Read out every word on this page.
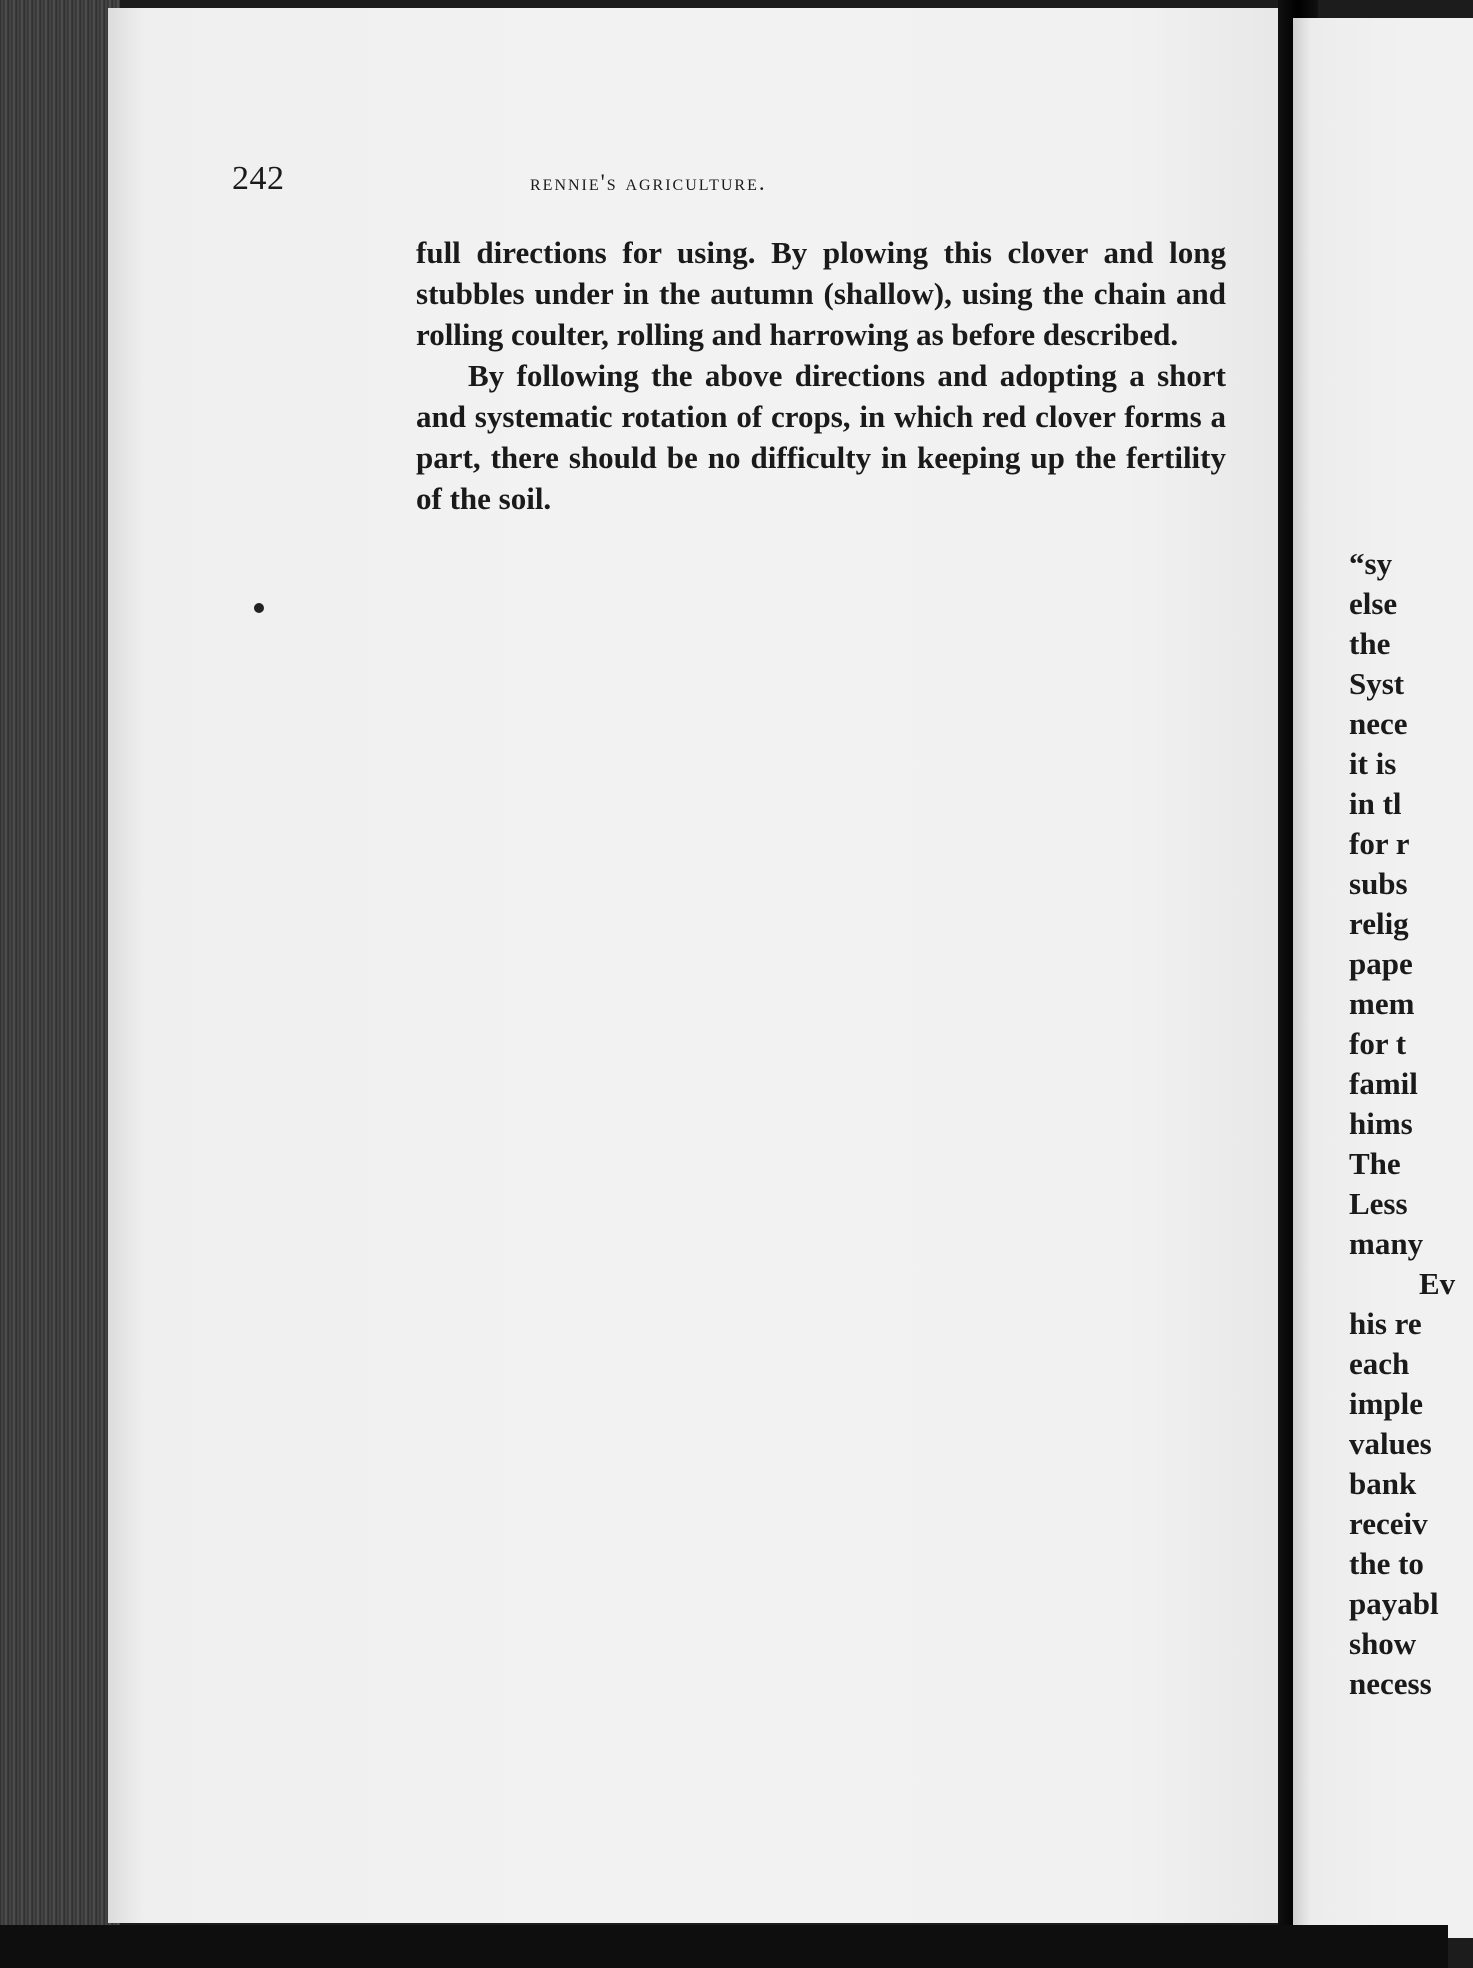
242	rennie's agriculture.

full directions for using. By plowing this clover and long stubbles under in the autumn (shallow), using the chain and rolling coulter, rolling and harrowing as before described.

By following the above directions and adopting a short and systematic rotation of crops, in which red clover forms a part, there should be no difficulty in keeping up the fertility of the soil.

“sy
else
the
Syst
nece
it is
in tl
for r
subs
relig
pape
mem
for t
famil
hims
The
Less
many
Ev
his re
each
imple
values
bank
receiv
the to
payabl
show
necess
